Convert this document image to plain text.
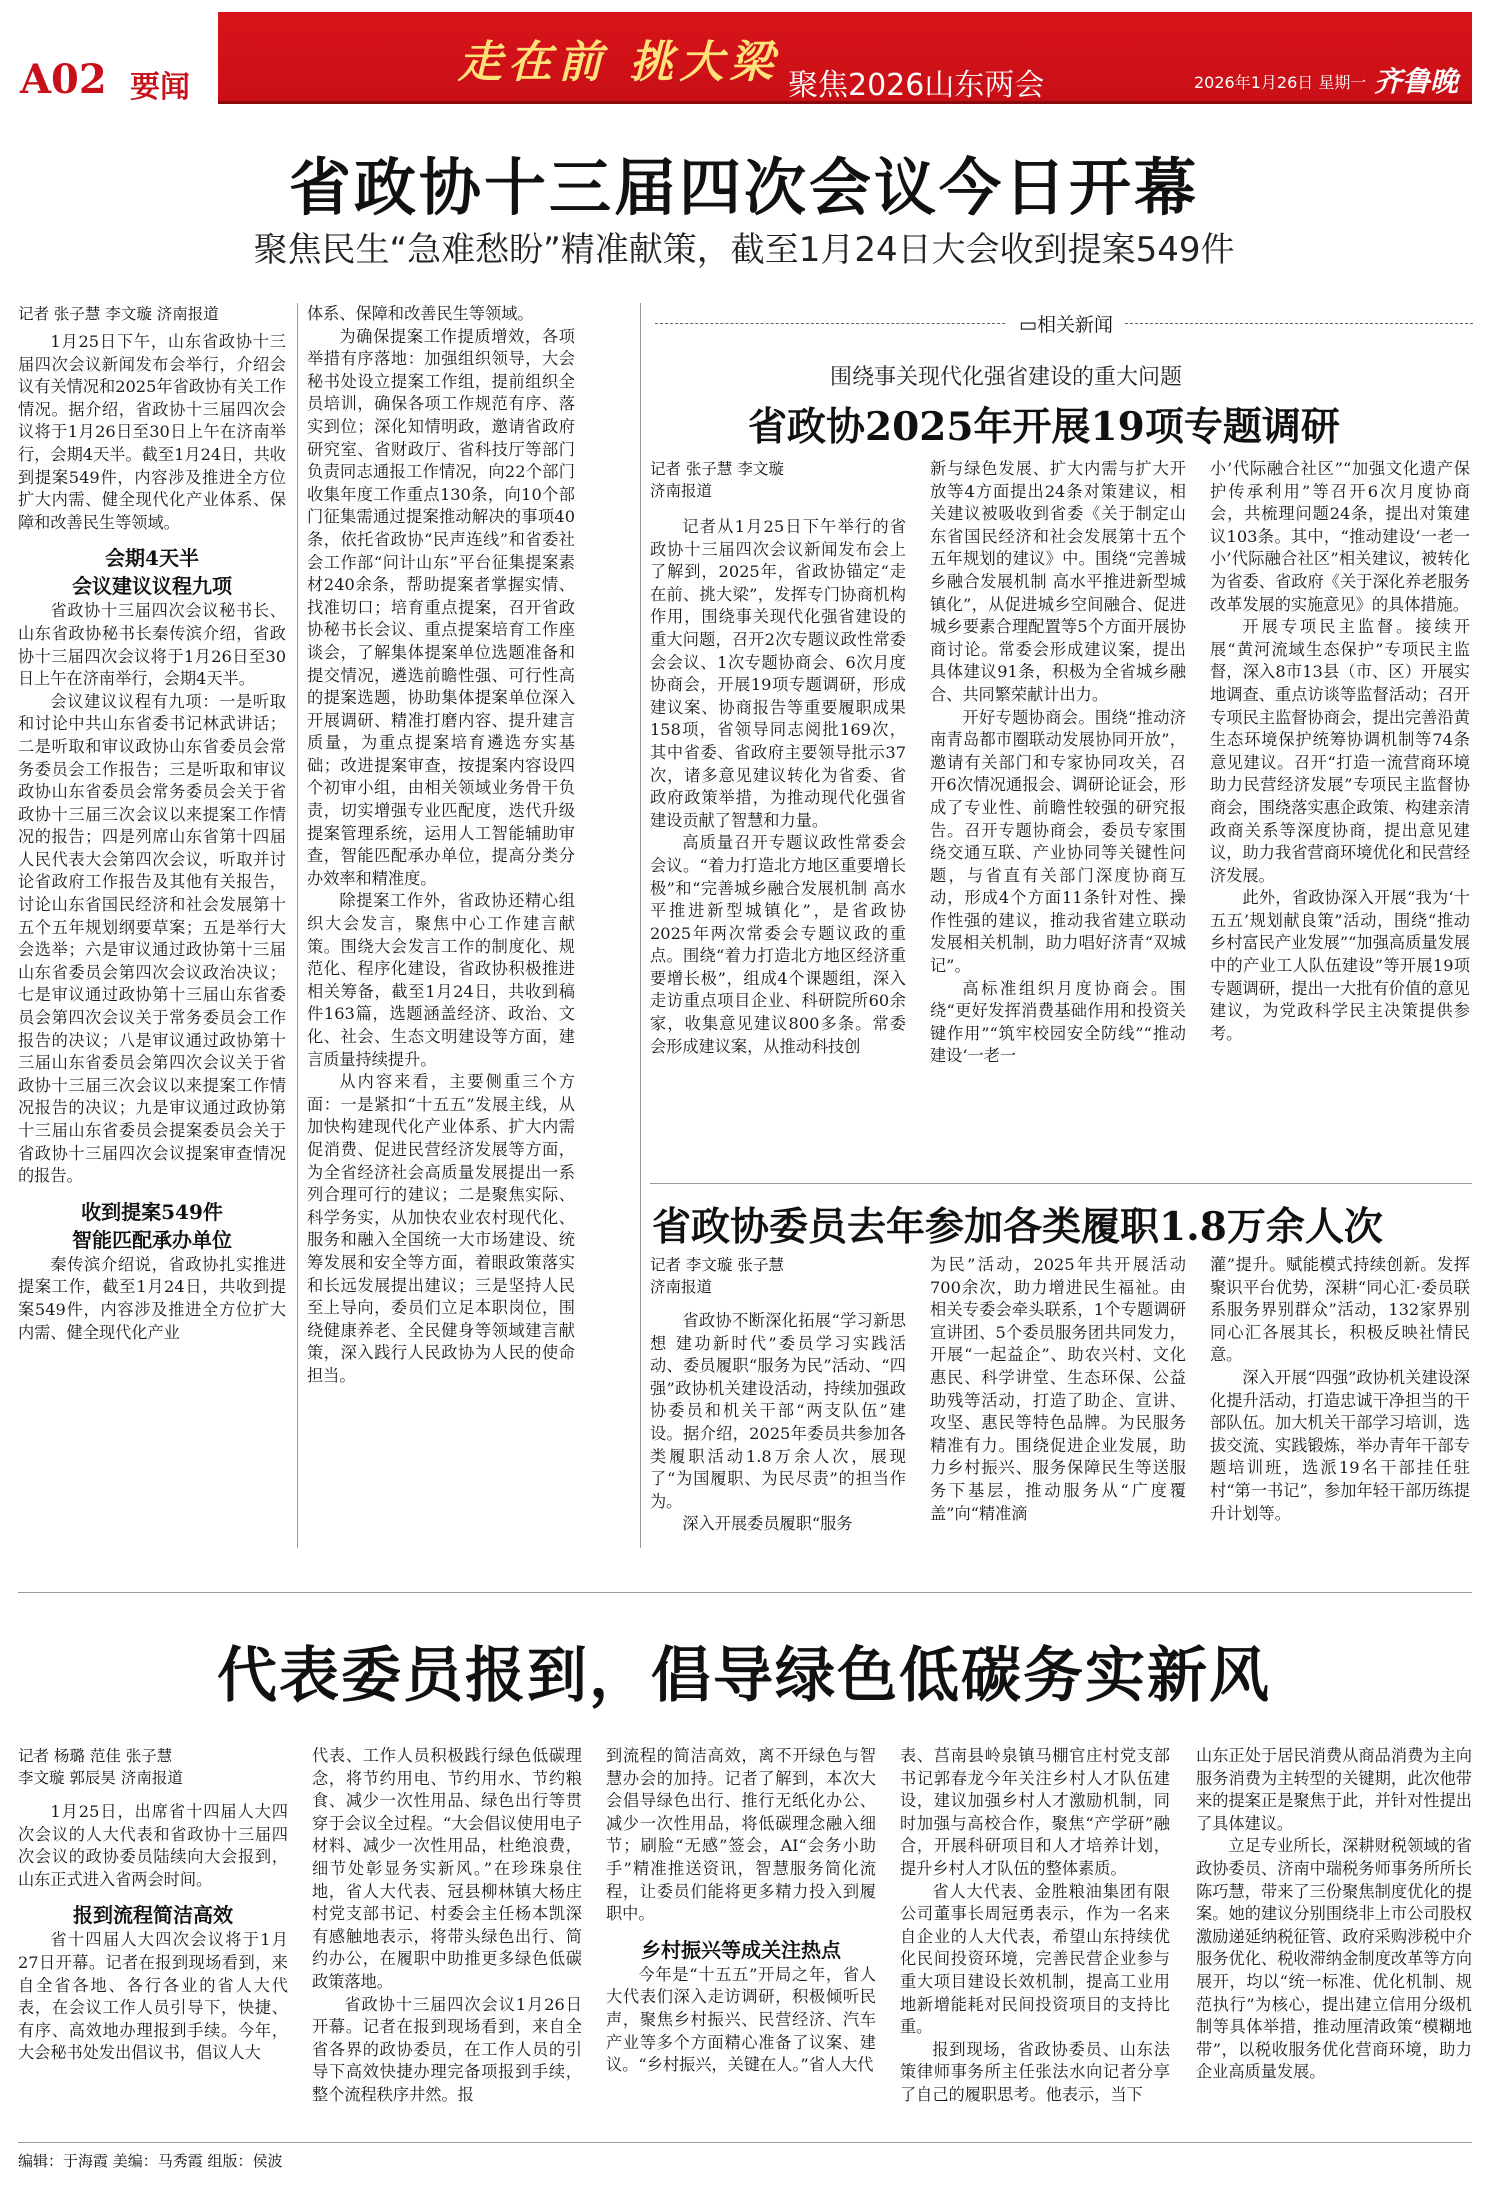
A02 要闻	走在前 挑大梁 聚焦2026山东两会	2026年1月26日 星期一 齐鲁晚报
省政协十三届四次会议今日开幕
聚焦民生“急难愁盼”精准献策，截至1月24日大会收到提案549件

记者 张子慧 李文璇 济南报道

1月25日下午，山东省政协十三届四次会议新闻发布会举行，介绍会议有关情况和2025年省政协有关工作情况。据介绍，省政协十三届四次会议将于1月26日至30日上午在济南举行，会期4天半。截至1月24日，共收到提案549件，内容涉及推进全方位扩大内需、健全现代化产业体系、保障和改善民生等领域。

会期4天半
会议建议议程九项

省政协十三届四次会议秘书长、山东省政协秘书长秦传滨介绍，省政协十三届四次会议将于1月26日至30日上午在济南举行，会期4天半。

会议建议议程有九项：一是听取和讨论中共山东省委书记林武讲话；二是听取和审议政协山东省委员会常务委员会工作报告；三是听取和审议政协山东省委员会常务委员会关于省政协十三届三次会议以来提案工作情况的报告；四是列席山东省第十四届人民代表大会第四次会议，听取并讨论省政府工作报告及其他有关报告，讨论山东省国民经济和社会发展第十五个五年规划纲要草案；五是举行大会选举；六是审议通过政协第十三届山东省委员会第四次会议政治决议；七是审议通过政协第十三届山东省委员会第四次会议关于常务委员会工作报告的决议；八是审议通过政协第十三届山东省委员会第四次会议关于省政协十三届三次会议以来提案工作情况报告的决议；九是审议通过政协第十三届山东省委员会提案委员会关于省政协十三届四次会议提案审查情况的报告。

收到提案549件
智能匹配承办单位

秦传滨介绍说，省政协扎实推进提案工作，截至1月24日，共收到提案549件，内容涉及推进全方位扩大内需、健全现代化产业

体系、保障和改善民生等领域。

为确保提案工作提质增效，各项举措有序落地：加强组织领导，大会秘书处设立提案工作组，提前组织全员培训，确保各项工作规范有序、落实到位；深化知情明政，邀请省政府研究室、省财政厅、省科技厅等部门负责同志通报工作情况，向22个部门收集年度工作重点130条，向10个部门征集需通过提案推动解决的事项40条，依托省政协“民声连线”和省委社会工作部“问计山东”平台征集提案素材240余条，帮助提案者掌握实情、找准切口；培育重点提案，召开省政协秘书长会议、重点提案培育工作座谈会，了解集体提案单位选题准备和提交情况，遴选前瞻性强、可行性高的提案选题，协助集体提案单位深入开展调研、精准打磨内容、提升建言质量，为重点提案培育遴选夯实基础；改进提案审查，按提案内容设四个初审小组，由相关领域业务骨干负责，切实增强专业匹配度，迭代升级提案管理系统，运用人工智能辅助审查，智能匹配承办单位，提高分类分办效率和精准度。

除提案工作外，省政协还精心组织大会发言，聚焦中心工作建言献策。围绕大会发言工作的制度化、规范化、程序化建设，省政协积极推进相关筹备，截至1月24日，共收到稿件163篇，选题涵盖经济、政治、文化、社会、生态文明建设等方面，建言质量持续提升。

从内容来看，主要侧重三个方面：一是紧扣“十五五”发展主线，从加快构建现代化产业体系、扩大内需促消费、促进民营经济发展等方面，为全省经济社会高质量发展提出一系列合理可行的建议；二是聚焦实际、科学务实，从加快农业农村现代化、服务和融入全国统一大市场建设、统筹发展和安全等方面，着眼政策落实和长远发展提出建议；三是坚持人民至上导向，委员们立足本职岗位，围绕健康养老、全民健身等领域建言献策，深入践行人民政协为人民的使命担当。

▭相关新闻
围绕事关现代化强省建设的重大问题
省政协2025年开展19项专题调研

记者 张子慧 李文璇
济南报道

记者从1月25日下午举行的省政协十三届四次会议新闻发布会上了解到，2025年，省政协锚定“走在前、挑大梁”，发挥专门协商机构作用，围绕事关现代化强省建设的重大问题，召开2次专题议政性常委会会议、1次专题协商会、6次月度协商会，开展19项专题调研，形成建议案、协商报告等重要履职成果158项，省领导同志阅批169次，其中省委、省政府主要领导批示37次，诸多意见建议转化为省委、省政府政策举措，为推动现代化强省建设贡献了智慧和力量。

高质量召开专题议政性常委会会议。“着力打造北方地区重要增长极”和“完善城乡融合发展机制 高水平推进新型城镇化”，是省政协2025年两次常委会专题议政的重点。围绕“着力打造北方地区经济重要增长极”，组成4个课题组，深入走访重点项目企业、科研院所60余家，收集意见建议800多条。常委会形成建议案，从推动科技创

新与绿色发展、扩大内需与扩大开放等4方面提出24条对策建议，相关建议被吸收到省委《关于制定山东省国民经济和社会发展第十五个五年规划的建议》中。围绕“完善城乡融合发展机制 高水平推进新型城镇化”，从促进城乡空间融合、促进城乡要素合理配置等5个方面开展协商讨论。常委会形成建议案，提出具体建议91条，积极为全省城乡融合、共同繁荣献计出力。

开好专题协商会。围绕“推动济南青岛都市圈联动发展协同开放”，邀请有关部门和专家协同攻关，召开6次情况通报会、调研论证会，形成了专业性、前瞻性较强的研究报告。召开专题协商会，委员专家围绕交通互联、产业协同等关键性问题，与省直有关部门深度协商互动，形成4个方面11条针对性、操作性强的建议，推动我省建立联动发展相关机制，助力唱好济青“双城记”。

高标准组织月度协商会。围绕“更好发挥消费基础作用和投资关键作用”“筑牢校园安全防线”“推动建设‘一老一

小’代际融合社区”“加强文化遗产保护传承利用”等召开6次月度协商会，共梳理问题24条，提出对策建议103条。其中，“推动建设‘一老一小’代际融合社区”相关建议，被转化为省委、省政府《关于深化养老服务改革发展的实施意见》的具体措施。

开展专项民主监督。接续开展“黄河流域生态保护”专项民主监督，深入8市13县（市、区）开展实地调查、重点访谈等监督活动；召开专项民主监督协商会，提出完善沿黄生态环境保护统筹协调机制等74条意见建议。召开“打造一流营商环境 助力民营经济发展”专项民主监督协商会，围绕落实惠企政策、构建亲清政商关系等深度协商，提出意见建议，助力我省营商环境优化和民营经济发展。

此外，省政协深入开展“我为‘十五五’规划献良策”活动，围绕“推动乡村富民产业发展”“加强高质量发展中的产业工人队伍建设”等开展19项专题调研，提出一大批有价值的意见建议，为党政科学民主决策提供参考。

省政协委员去年参加各类履职1.8万余人次

记者 李文璇 张子慧
济南报道

省政协不断深化拓展“学习新思想 建功新时代”委员学习实践活动、委员履职“服务为民”活动、“四强”政协机关建设活动，持续加强政协委员和机关干部“两支队伍”建设。据介绍，2025年委员共参加各类履职活动1.8万余人次，展现了“为国履职、为民尽责”的担当作为。

深入开展委员履职“服务

为民”活动，2025年共开展活动700余次，助力增进民生福祉。由相关专委会牵头联系，1个专题调研宣讲团、5个委员服务团共同发力，开展“一起益企”、助农兴村、文化惠民、科学讲堂、生态环保、公益助残等活动，打造了助企、宣讲、攻坚、惠民等特色品牌。为民服务精准有力。围绕促进企业发展，助力乡村振兴、服务保障民生等送服务下基层，推动服务从“广度覆盖”向“精准滴

灌”提升。赋能模式持续创新。发挥聚识平台优势，深耕“同心汇·委员联系服务界别群众”活动，132家界别同心汇各展其长，积极反映社情民意。

深入开展“四强”政协机关建设深化提升活动，打造忠诚干净担当的干部队伍。加大机关干部学习培训，选拔交流、实践锻炼，举办青年干部专题培训班，选派19名干部挂任驻村“第一书记”，参加年轻干部历练提升计划等。

代表委员报到，倡导绿色低碳务实新风

记者 杨璐 范佳 张子慧
李文璇 郭辰昊 济南报道

1月25日，出席省十四届人大四次会议的人大代表和省政协十三届四次会议的政协委员陆续向大会报到，山东正式进入省两会时间。

报到流程简洁高效

省十四届人大四次会议将于1月27日开幕。记者在报到现场看到，来自全省各地、各行各业的省人大代表，在会议工作人员引导下，快捷、有序、高效地办理报到手续。今年，大会秘书处发出倡议书，倡议人大

代表、工作人员积极践行绿色低碳理念，将节约用电、节约用水、节约粮食、减少一次性用品、绿色出行等贯穿于会议全过程。“大会倡议使用电子材料、减少一次性用品，杜绝浪费，细节处彰显务实新风。”在珍珠泉住地，省人大代表、冠县柳林镇大杨庄村党支部书记、村委会主任杨本凯深有感触地表示，将带头绿色出行、简约办公，在履职中助推更多绿色低碳政策落地。

省政协十三届四次会议1月26日开幕。记者在报到现场看到，来自全省各界的政协委员，在工作人员的引导下高效快捷办理完备项报到手续，整个流程秩序井然。报

到流程的简洁高效，离不开绿色与智慧办会的加持。记者了解到，本次大会倡导绿色出行、推行无纸化办公、减少一次性用品，将低碳理念融入细节；刷脸“无感”签会，AI“会务小助手”精准推送资讯，智慧服务简化流程，让委员们能将更多精力投入到履职中。

乡村振兴等成关注热点

今年是“十五五”开局之年，省人大代表们深入走访调研，积极倾听民声，聚焦乡村振兴、民营经济、汽车产业等多个方面精心准备了议案、建议。“乡村振兴，关键在人。”省人大代

表、莒南县岭泉镇马棚官庄村党支部书记郭春龙今年关注乡村人才队伍建设，建议加强乡村人才激励机制，同时加强与高校合作，聚焦“产学研”融合，开展科研项目和人才培养计划，提升乡村人才队伍的整体素质。

省人大代表、金胜粮油集团有限公司董事长周冠勇表示，作为一名来自企业的人大代表，希望山东持续优化民间投资环境，完善民营企业参与重大项目建设长效机制，提高工业用地新增能耗对民间投资项目的支持比重。

报到现场，省政协委员、山东法策律师事务所主任张法水向记者分享了自己的履职思考。他表示，当下

山东正处于居民消费从商品消费为主向服务消费为主转型的关键期，此次他带来的提案正是聚焦于此，并针对性提出了具体建议。

立足专业所长，深耕财税领域的省政协委员、济南中瑞税务师事务所所长陈巧慧，带来了三份聚焦制度优化的提案。她的建议分别围绕非上市公司股权激励递延纳税征管、政府采购涉税中介服务优化、税收滞纳金制度改革等方向展开，均以“统一标准、优化机制、规范执行”为核心，提出建立信用分级机制等具体举措，推动厘清政策“模糊地带”，以税收服务优化营商环境，助力企业高质量发展。

编辑：于海霞 美编：马秀霞 组版：侯波
